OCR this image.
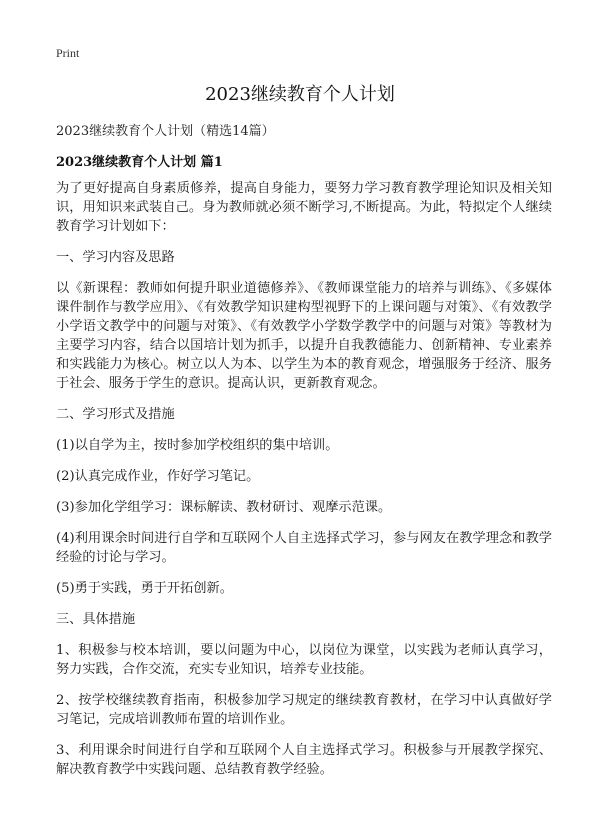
Print
2023继续教育个人计划
2023继续教育个人计划（精选14篇）
2023继续教育个人计划 篇1

为了更好提高自身素质修养，提高自身能力，要努力学习教育教学理论知识及相关知识，用知识来武装自己。身为教师就必须不断学习,不断提高。为此，特拟定个人继续教育学习计划如下：

一、学习内容及思路

以《新课程：教师如何提升职业道德修养》、《教师课堂能力的培养与训练》、《多媒体课件制作与教学应用》、《有效教学知识建构型视野下的上课问题与对策》、《有效教学小学语文教学中的问题与对策》、《有效教学小学数学教学中的问题与对策》等教材为主要学习内容，结合以国培计划为抓手，以提升自我教德能力、创新精神、专业素养和实践能力为核心。树立以人为本、以学生为本的教育观念，增强服务于经济、服务于社会、服务于学生的意识。提高认识，更新教育观念。

二、学习形式及措施

(1)以自学为主，按时参加学校组织的集中培训。

(2)认真完成作业，作好学习笔记。

(3)参加化学组学习：课标解读、教材研讨、观摩示范课。

(4)利用课余时间进行自学和互联网个人自主选择式学习，参与网友在教学理念和教学经验的讨论与学习。

(5)勇于实践，勇于开拓创新。

三、具体措施

1、积极参与校本培训，要以问题为中心，以岗位为课堂，以实践为老师认真学习，努力实践，合作交流，充实专业知识，培养专业技能。

2、按学校继续教育指南，积极参加学习规定的继续教育教材，在学习中认真做好学习笔记，完成培训教师布置的培训作业。

3、利用课余时间进行自学和互联网个人自主选择式学习。积极参与开展教学探究、解决教育教学中实践问题、总结教育教学经验。
